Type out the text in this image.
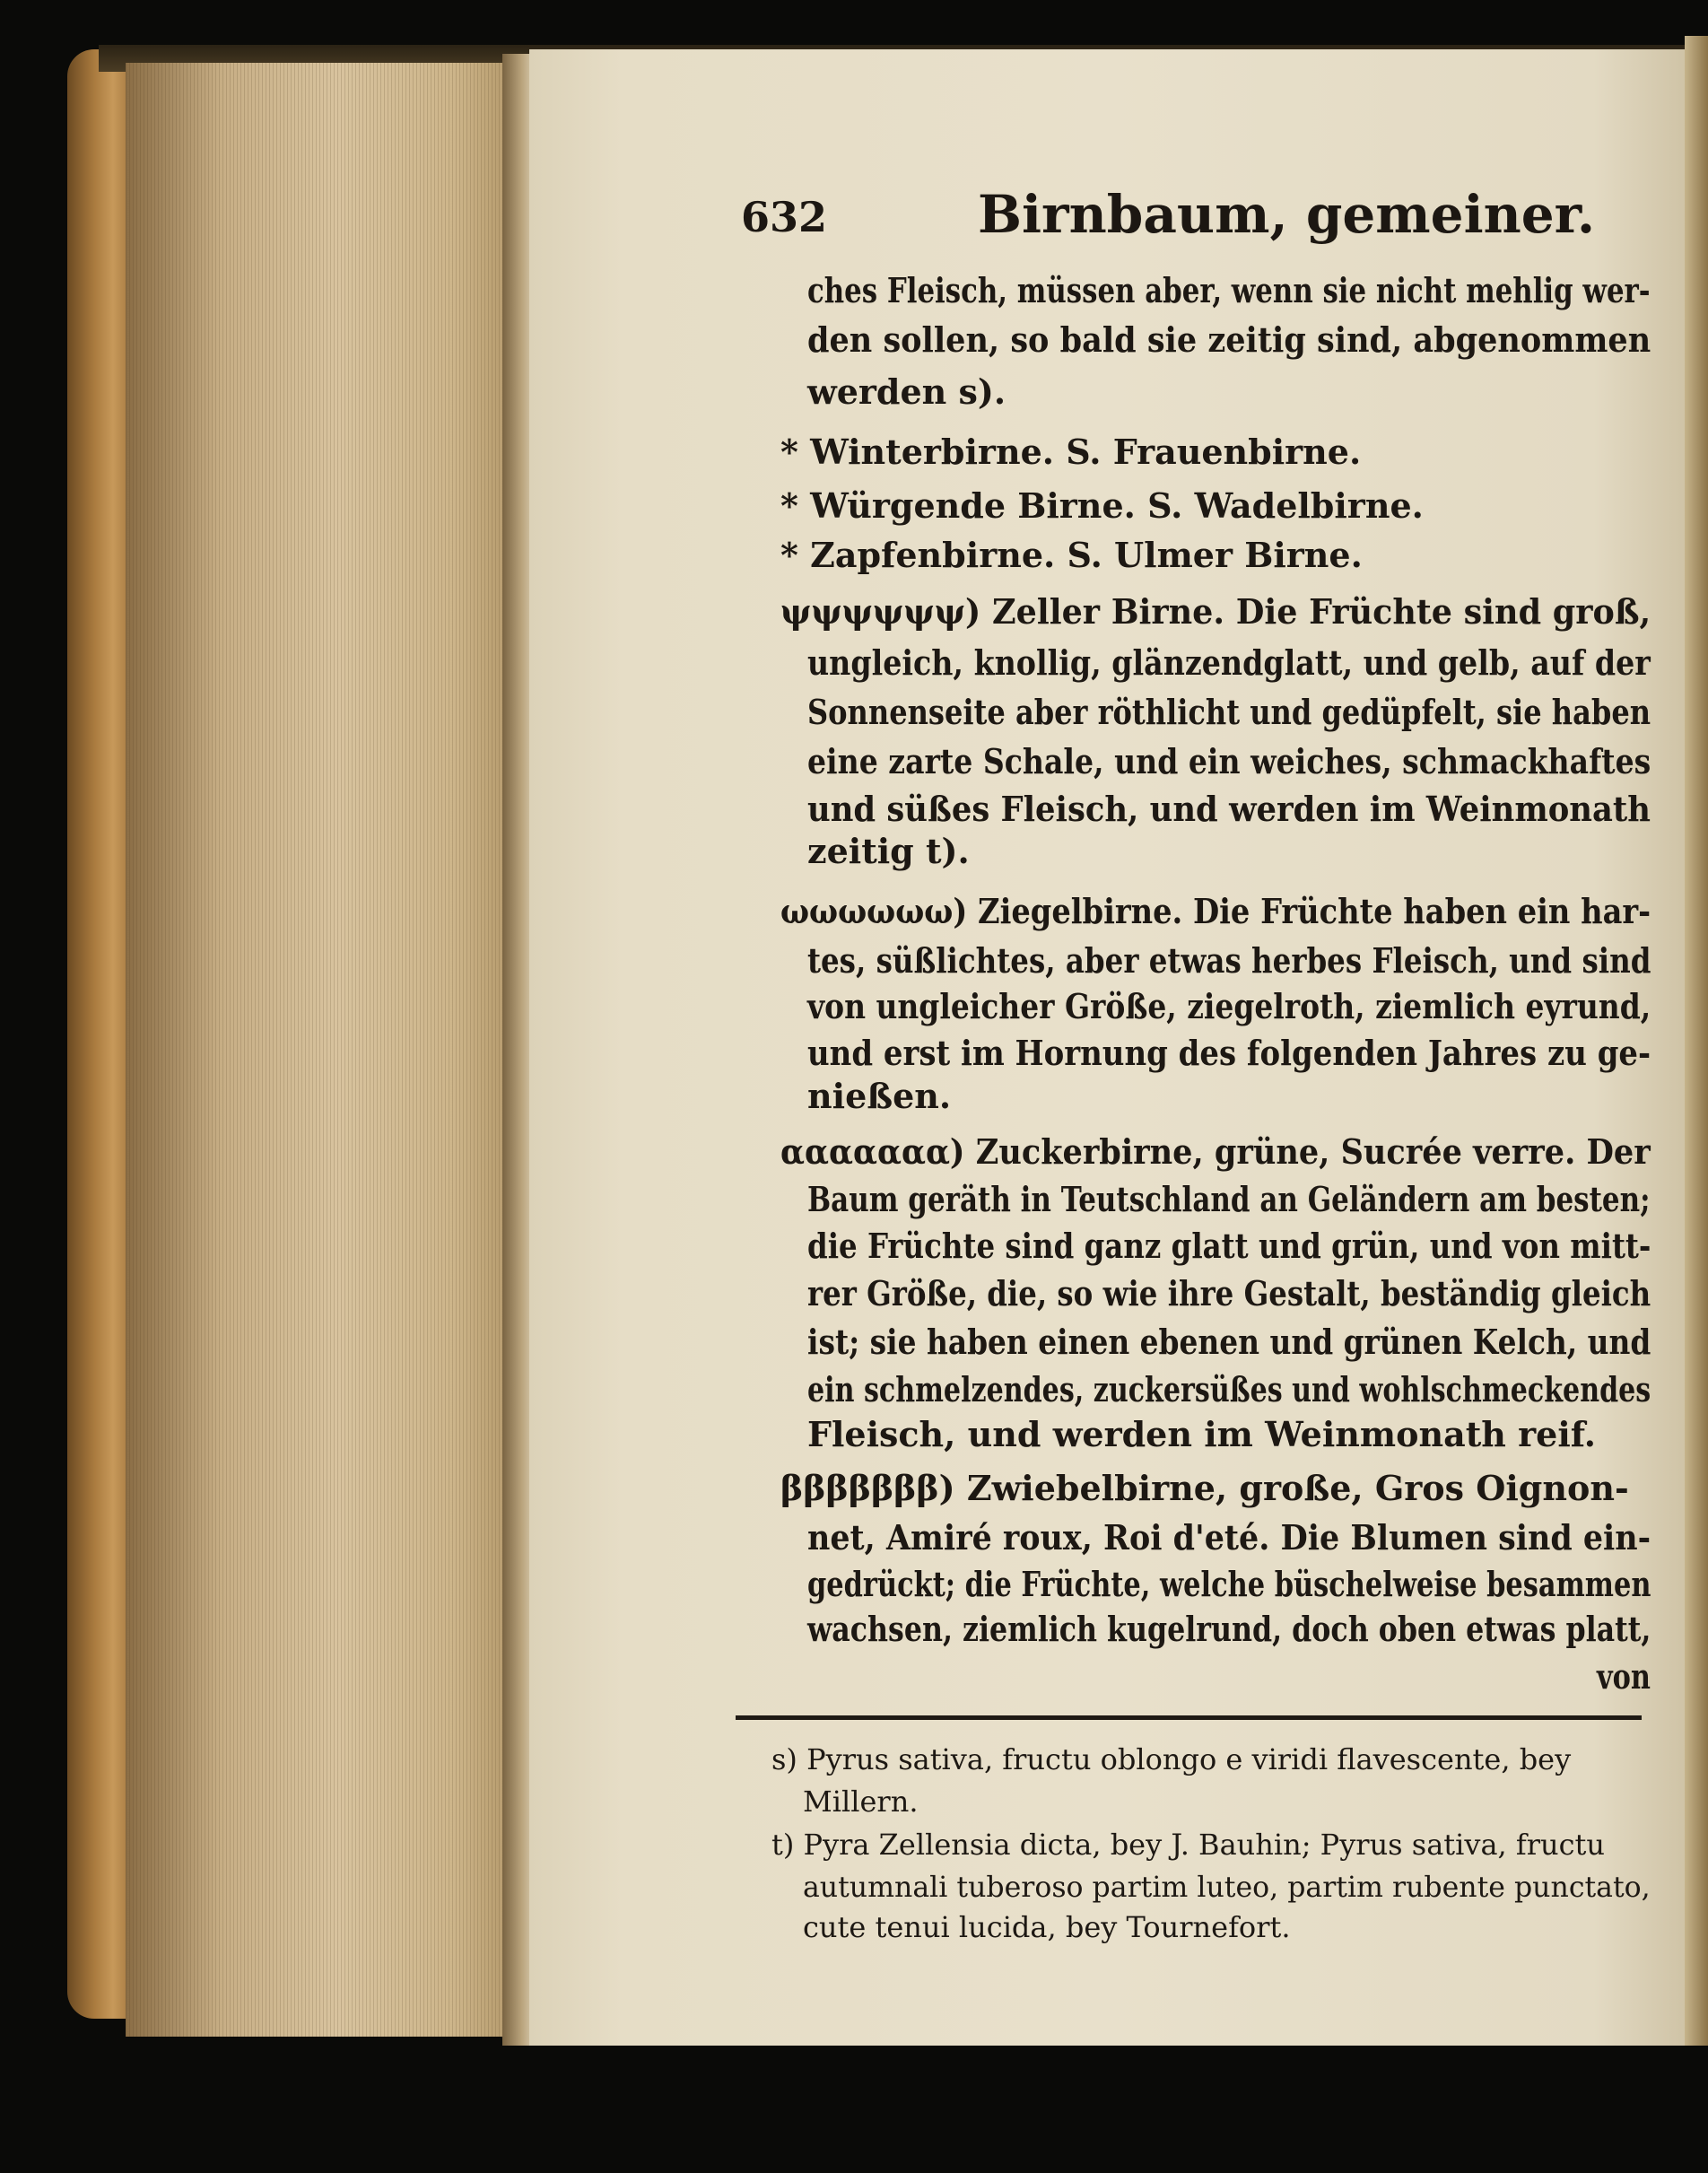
632	Birnbaum, gemeiner.
ches Fleisch, müssen aber, wenn sie nicht mehlig wer-
den sollen, so bald sie zeitig sind, abgenommen
werden s).
* Winterbirne. S. Frauenbirne.
* Würgende Birne. S. Wadelbirne.
* Zapfenbirne. S. Ulmer Birne.
ψψψψψψ) Zeller Birne. Die Früchte sind groß,
ungleich, knollig, glänzendglatt, und gelb, auf der
Sonnenseite aber röthlicht und gedüpfelt, sie haben
eine zarte Schale, und ein weiches, schmackhaftes
und süßes Fleisch, und werden im Weinmonath
zeitig t).
ωωωωωω) Ziegelbirne. Die Früchte haben ein har-
tes, süßlichtes, aber etwas herbes Fleisch, und sind
von ungleicher Größe, ziegelroth, ziemlich eyrund,
und erst im Hornung des folgenden Jahres zu ge-
nießen.
ααααααα) Zuckerbirne, grüne, Sucrée verre. Der
Baum geräth in Teutschland an Geländern am besten;
die Früchte sind ganz glatt und grün, und von mitt-
rer Größe, die, so wie ihre Gestalt, beständig gleich
ist; sie haben einen ebenen und grünen Kelch, und
ein schmelzendes, zuckersüßes und wohlschmeckendes
Fleisch, und werden im Weinmonath reif.
βββββββ) Zwiebelbirne, große, Gros Oignon-
net, Amiré roux, Roi d'eté. Die Blumen sind ein-
gedrückt; die Früchte, welche büschelweise besammen
wachsen, ziemlich kugelrund, doch oben etwas platt,
von
s) Pyrus sativa, fructu oblongo e viridi flavescente, bey
Millern.
t) Pyra Zellensia dicta, bey J. Bauhin; Pyrus sativa, fructu
autumnali tuberoso partim luteo, partim rubente punctato,
cute tenui lucida, bey Tournefort.
